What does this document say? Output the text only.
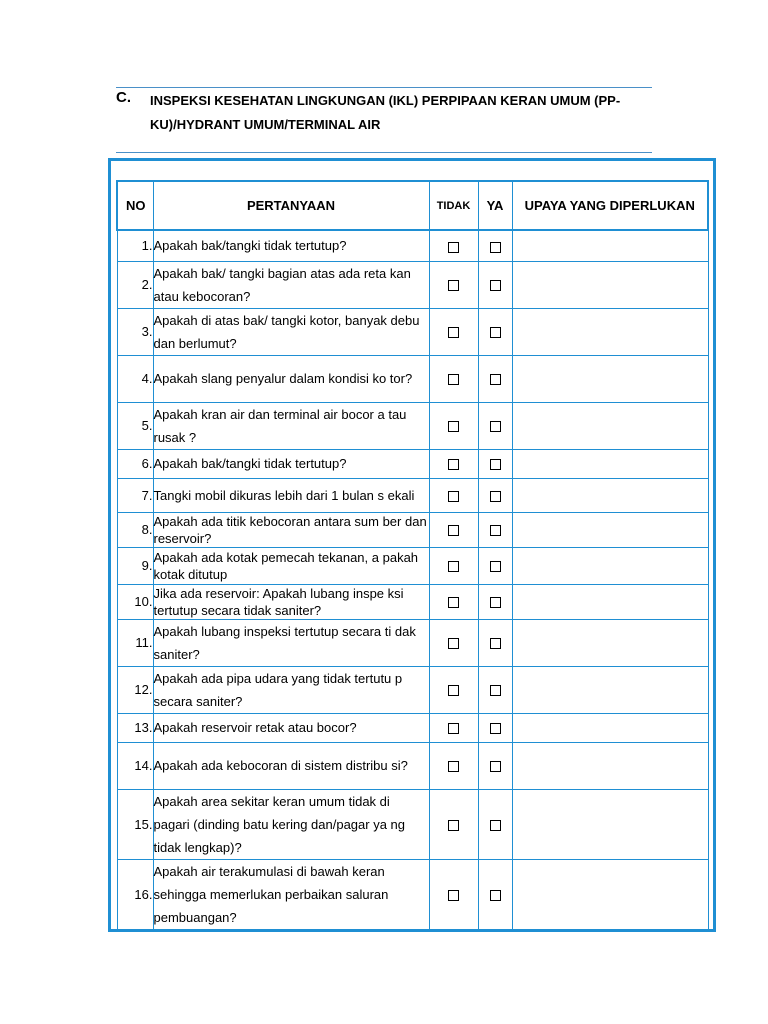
C. INSPEKSI KESEHATAN LINGKUNGAN (IKL) PERPIPAAN KERAN UMUM (PP-KU)/HYDRANT UMUM/TERMINAL AIR
NO	PERTANYAAN	TIDAK	YA	UPAYA YANG DIPERLUKAN
1.	Apakah bak/tangki tidak tertutup?			
2.	Apakah bak/ tangki bagian atas ada reta kan atau kebocoran?			
3.	Apakah di atas bak/ tangki kotor, banyak debu dan berlumut?			
4.	Apakah slang penyalur dalam kondisi ko tor?			
5.	Apakah kran air dan terminal air bocor a tau rusak ?			
6.	Apakah bak/tangki tidak tertutup?			
7.	Tangki mobil dikuras lebih dari 1 bulan s ekali			
8.	Apakah ada titik kebocoran antara sum ber dan reservoir?			
9.	Apakah ada kotak pemecah tekanan, a pakah kotak ditutup			
10.	Jika ada reservoir: Apakah lubang inspe ksi tertutup secara tidak saniter?			
11.	Apakah lubang inspeksi tertutup secara ti dak saniter?			
12.	Apakah ada pipa udara yang tidak tertutu p secara saniter?			
13.	Apakah reservoir retak atau bocor?			
14.	Apakah ada kebocoran di sistem distribu si?			
15.	Apakah area sekitar keran umum tidak di pagari (dinding batu kering dan/pagar ya ng tidak lengkap)?			
16.	Apakah air terakumulasi di bawah keran sehingga memerlukan perbaikan saluran pembuangan?			
